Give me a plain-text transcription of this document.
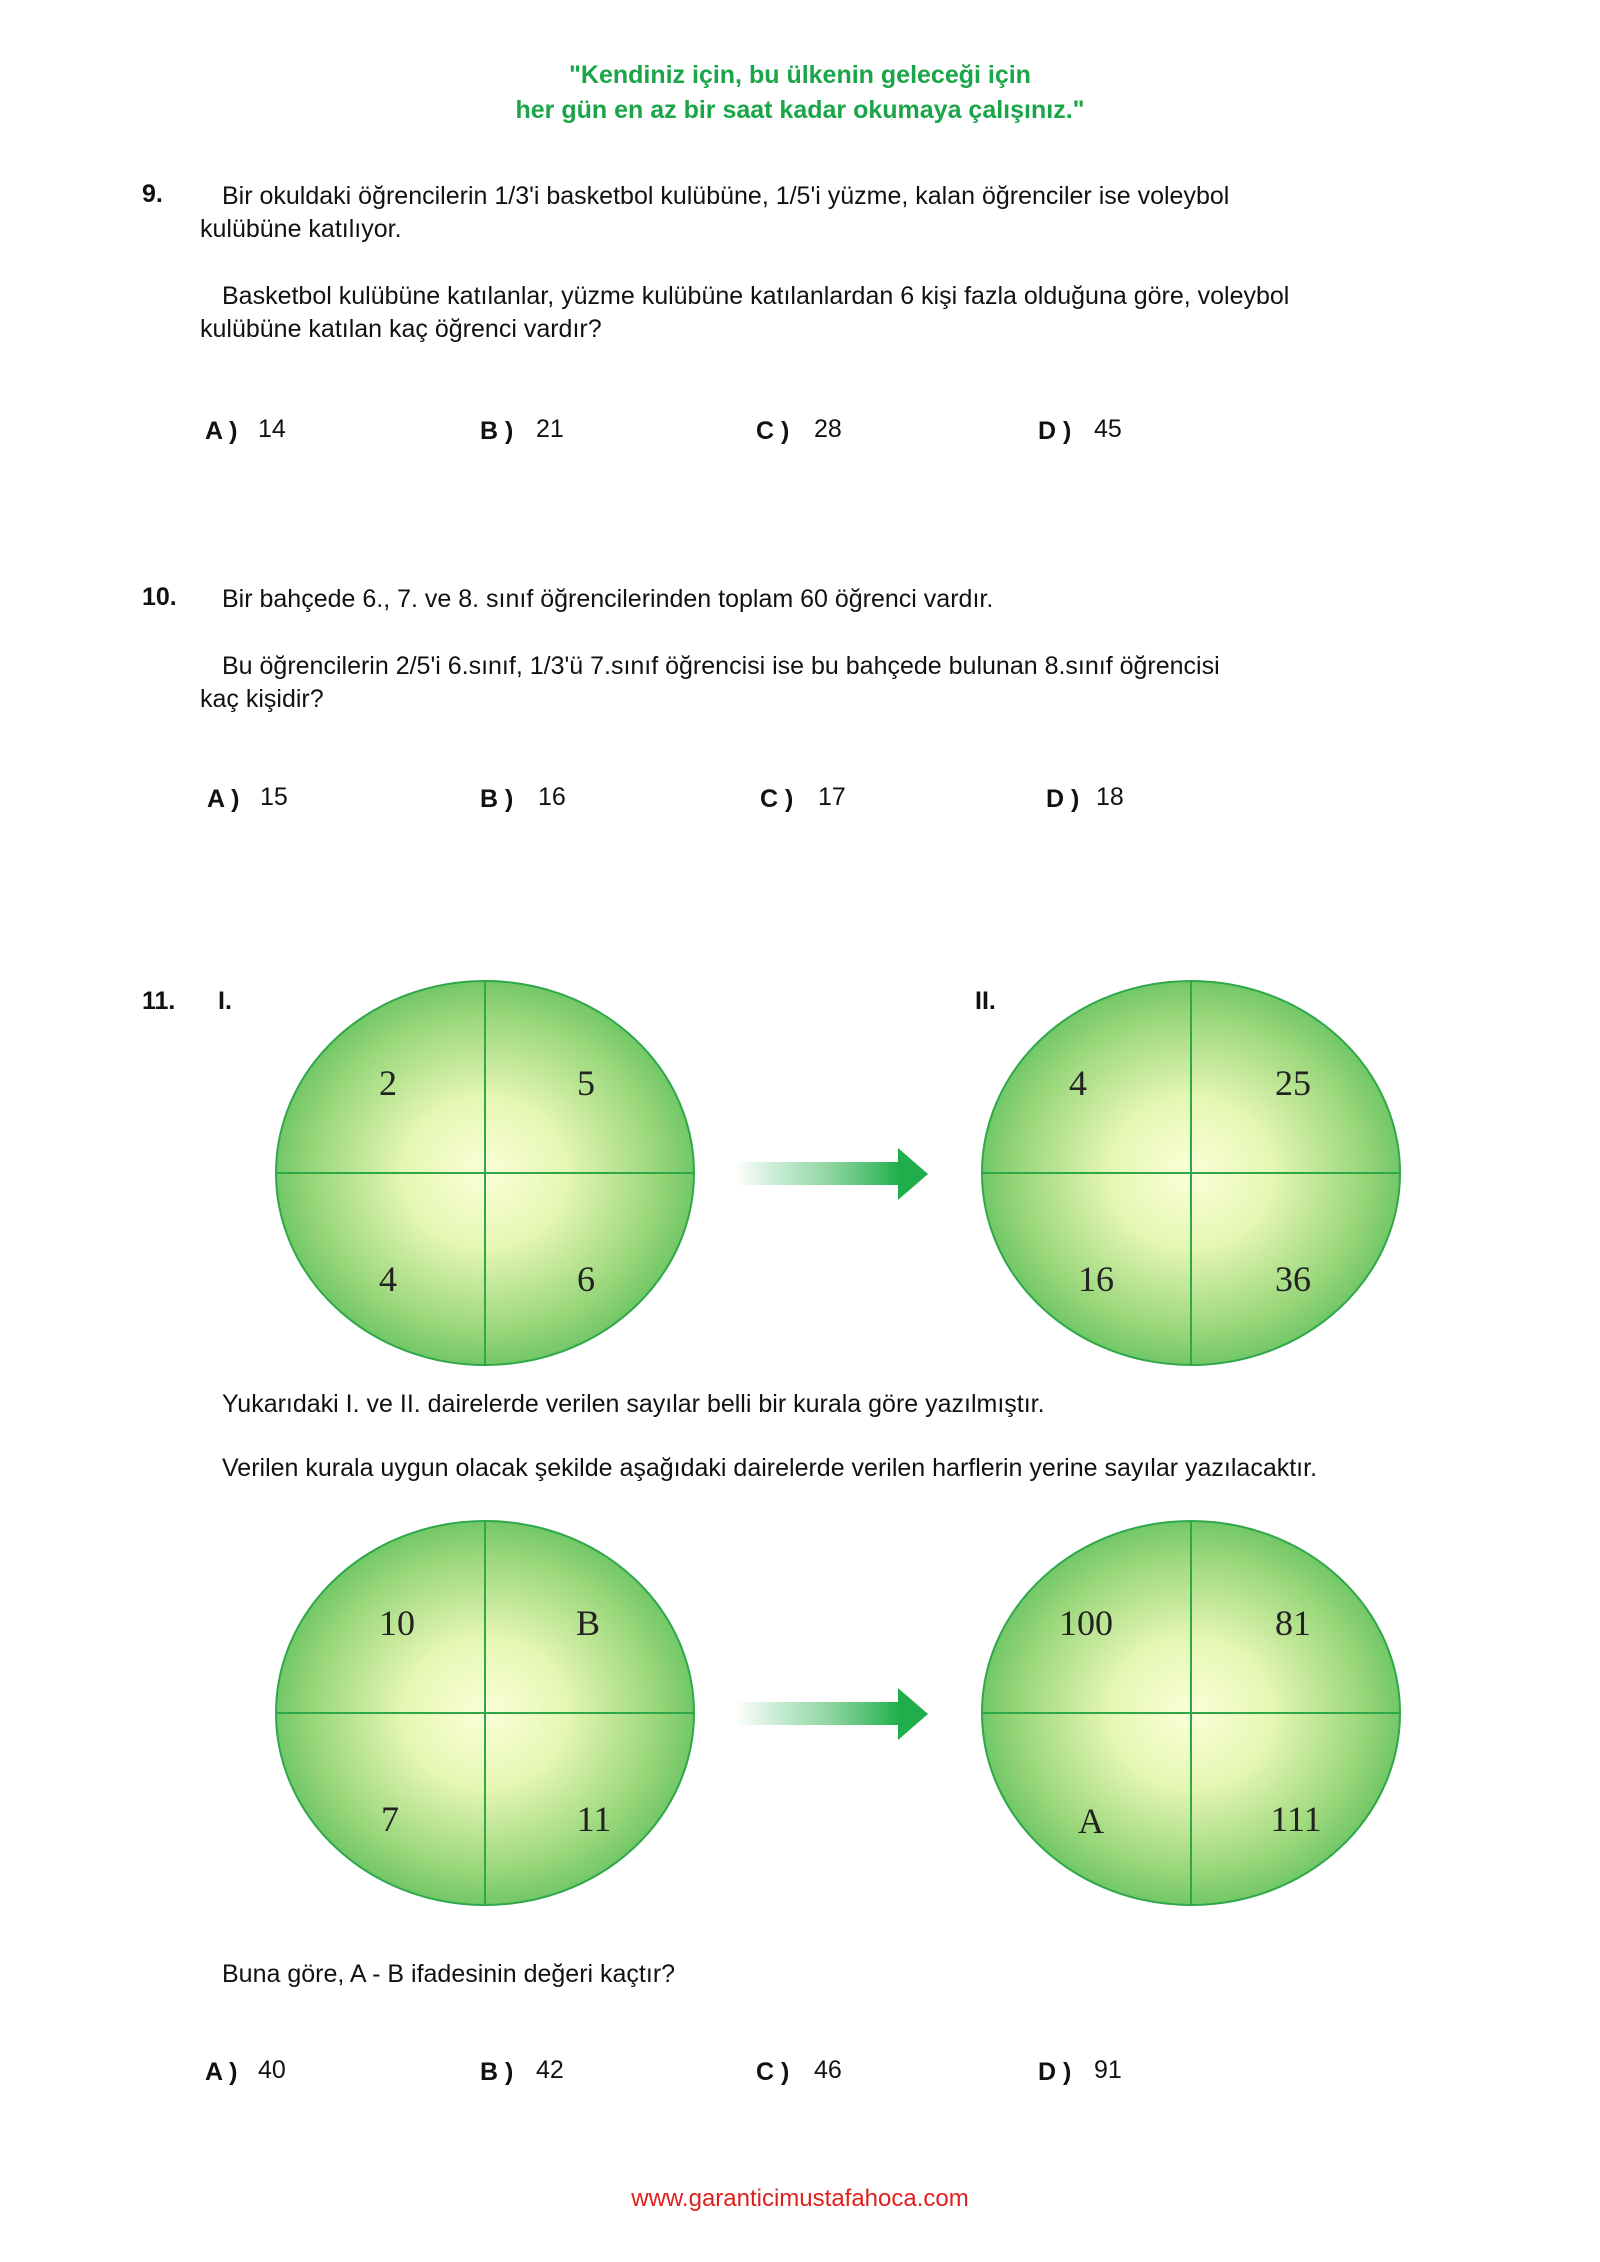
"Kendiniz için, bu ülkenin geleceği için
her gün en az bir saat kadar okumaya çalışınız."
9. Bir okuldaki öğrencilerin 1/3'i basketbol kulübüne, 1/5'i yüzme, kalan öğrenciler ise voleybol
kulübüne katılıyor.
Basketbol kulübüne katılanlar, yüzme kulübüne katılanlardan 6 kişi fazla olduğuna göre, voleybol
kulübüne katılan kaç öğrenci vardır?
A ) 14	B ) 21	C ) 28	D ) 45
10. Bir bahçede 6., 7. ve 8. sınıf öğrencilerinden toplam 60 öğrenci vardır.
Bu öğrencilerin 2/5'i 6.sınıf, 1/3'ü 7.sınıf öğrencisi ise bu bahçede bulunan 8.sınıf öğrencisi
kaç kişidir?
A ) 15	B ) 16	C ) 17	D ) 18
11. I.	II.
2	5
4	6
4	25
16	36
10	B
7	11
100	81
A	111
Yukarıdaki I. ve II. dairelerde verilen sayılar belli bir kurala göre yazılmıştır.
Verilen kurala uygun olacak şekilde aşağıdaki dairelerde verilen harflerin yerine sayılar yazılacaktır.
Buna göre, A - B ifadesinin değeri kaçtır?
A ) 40	B ) 42	C ) 46	D ) 91
www.garanticimustafahoca.com
